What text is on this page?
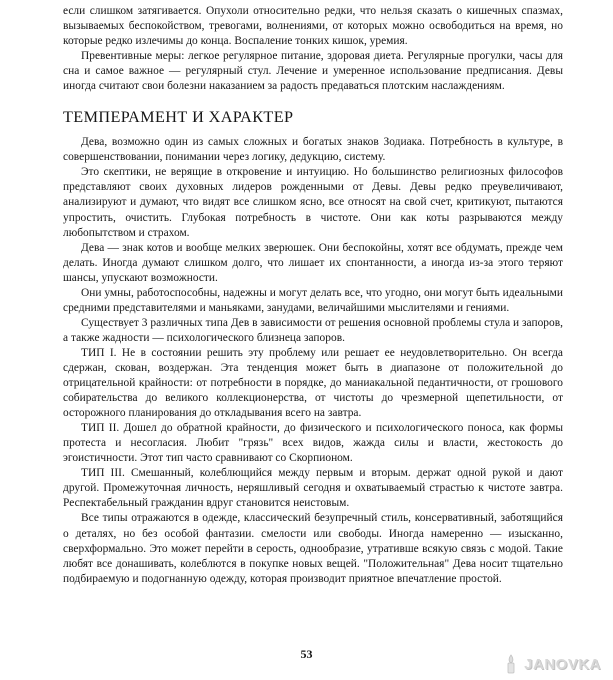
если слишком затягивается. Опухоли относительно редки, что нельзя сказать о кишечных спазмах, вызываемых беспокойством, тревогами, волнениями, от которых можно освободиться на время, но которые редко излечимы до конца. Воспаление тонких кишок, уремия.

Превентивные меры: легкое регулярное питание, здоровая диета. Регулярные прогулки, часы для сна и самое важное — регулярный стул. Лечение и умеренное использование предписания. Девы иногда считают свои болезни наказанием за радость предаваться плотским наслаждениям.

ТЕМПЕРАМЕНТ И ХАРАКТЕР

Дева, возможно один из самых сложных и богатых знаков Зодиака. Потребность в культуре, в совершенствовании, понимании через логику, дедукцию, систему.

Это скептики, не верящие в откровение и интуицию. Но большинство религиозных философов представляют своих духовных лидеров рожденными от Девы. Девы редко преувеличивают, анализируют и думают, что видят все слишком ясно, все относят на свой счет, критикуют, пытаются упростить, очистить. Глубокая потребность в чистоте. Они как коты разрываются между любопытством и страхом.

Дева — знак котов и вообще мелких зверюшек. Они беспокойны, хотят все обдумать, прежде чем делать. Иногда думают слишком долго, что лишает их спонтанности, а иногда из-за этого теряют шансы, упускают возможности.

Они умны, работоспособны, надежны и могут делать все, что угодно, они могут быть идеальными средними представителями и маньяками, занудами, величайшими мыслителями и гениями.

Существует 3 различных типа Дев в зависимости от решения основной проблемы стула и запоров, а также жадности — психологического близнеца запоров.

ТИП I. Не в состоянии решить эту проблему или решает ее неудовлетворительно. Он всегда сдержан, скован, воздержан. Эта тенденция может быть в диапазоне от положительной до отрицательной крайности: от потребности в порядке, до маниакальной педантичности, от грошового собирательства до великого коллекционерства, от чистоты до чрезмерной щепетильности, от осторожного планирования до откладывания всего на завтра.

ТИП II. Дошел до обратной крайности, до физического и психологического поноса, как формы протеста и несогласия. Любит "грязь" всех видов, жажда силы и власти, жестокость до эгоистичности. Этот тип часто сравнивают со Скорпионом.

ТИП III. Смешанный, колеблющийся между первым и вторым. держат одной рукой и дают другой. Промежуточная личность, неряшливый сегодня и охватываемый страстью к чистоте завтра. Респектабельный гражданин вдруг становится неистовым.

Все типы отражаются в одежде, классический безупречный стиль, консервативный, заботящийся о деталях, но без особой фантазии. смелости или свободы. Иногда намеренно — изысканно, сверхформально. Это может перейти в серость, однообразие, утративше всякую связь с модой. Такие любят все донашивать, колеблются в покупке новых вещей. "Положительная" Дева носит тщательно подбираемую и подогнанную одежду, которая производит приятное впечатление простой.

53
JANOVKA
